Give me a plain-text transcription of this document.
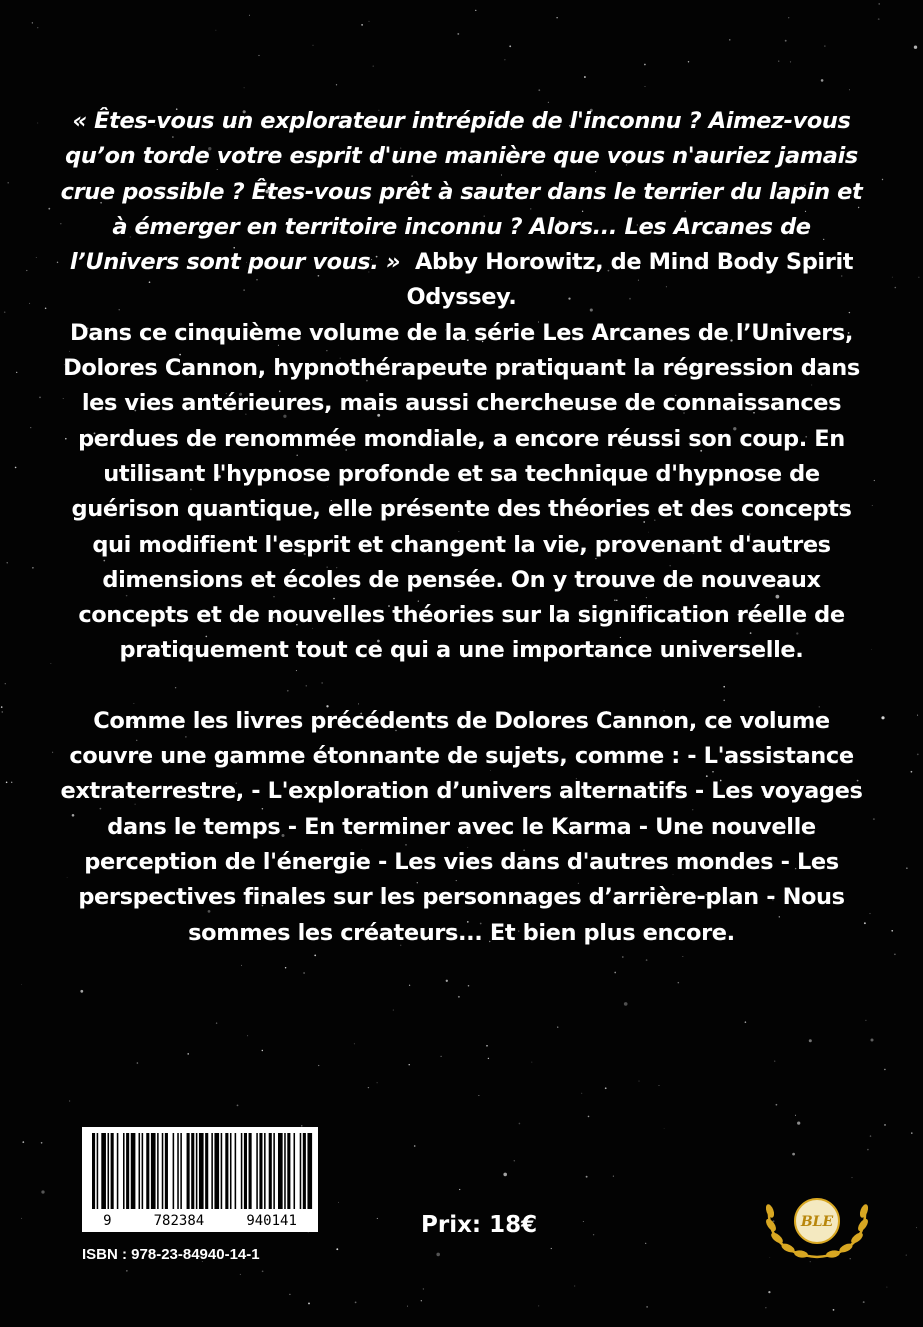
« Êtes-vous un explorateur intrépide de l'inconnu ? Aimez-vous qu’on torde votre esprit d'une manière que vous n'auriez jamais crue possible ? Êtes-vous prêt à sauter dans le terrier du lapin et à émerger en territoire inconnu ? Alors... Les Arcanes de l’Univers sont pour vous. » Abby Horowitz, de Mind Body Spirit Odyssey.

Dans ce cinquième volume de la série Les Arcanes de l’Univers, Dolores Cannon, hypnothérapeute pratiquant la régression dans les vies antérieures, mais aussi chercheuse de connaissances perdues de renommée mondiale, a encore réussi son coup. En utilisant l'hypnose profonde et sa technique d'hypnose de guérison quantique, elle présente des théories et des concepts qui modifient l'esprit et changent la vie, provenant d'autres dimensions et écoles de pensée. On y trouve de nouveaux concepts et de nouvelles théories sur la signification réelle de pratiquement tout ce qui a une importance universelle.

Comme les livres précédents de Dolores Cannon, ce volume couvre une gamme étonnante de sujets, comme : - L'assistance extraterrestre, - L'exploration d’univers alternatifs - Les voyages dans le temps - En terminer avec le Karma - Une nouvelle perception de l'énergie - Les vies dans d'autres mondes - Les perspectives finales sur les personnages d’arrière-plan - Nous sommes les créateurs... Et bien plus encore.

9	782384	940141
ISBN : 978-23-84940-14-1
Prix: 18€	BLE
